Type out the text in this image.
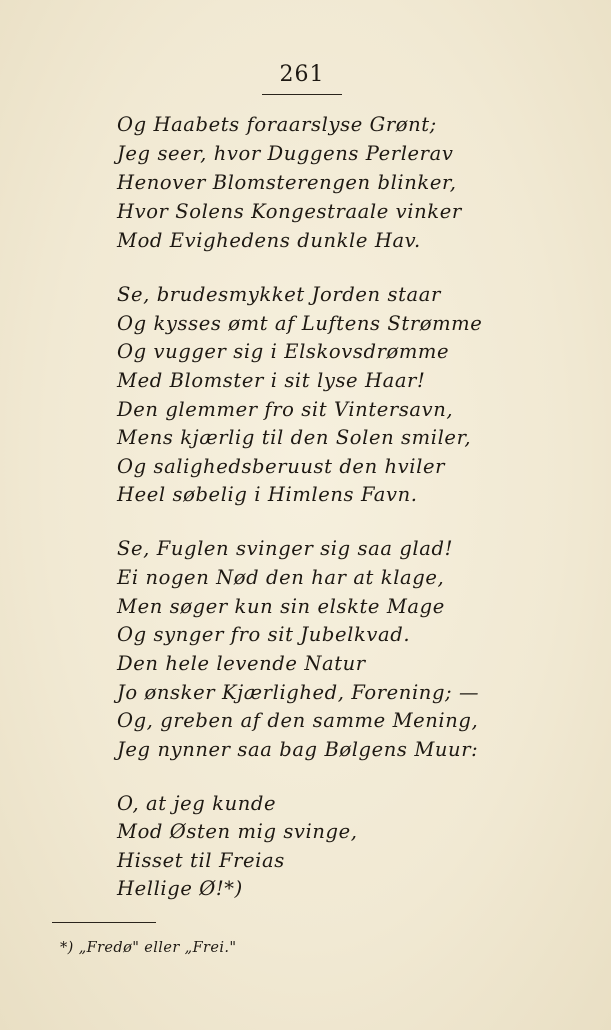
261
Og Haabets foraarslyse Grønt;
Jeg seer, hvor Duggens Perlerav
Henover Blomsterengen blinker,
Hvor Solens Kongestraale vinker
Mod Evighedens dunkle Hav.
Se, brudesmykket Jorden staar
Og kysses ømt af Luftens Strømme
Og vugger sig i Elskovsdrømme
Med Blomster i sit lyse Haar!
Den glemmer fro sit Vintersavn,
Mens kjærlig til den Solen smiler,
Og salighedsberuust den hviler
Heel søbelig i Himlens Favn.
Se, Fuglen svinger sig saa glad!
Ei nogen Nød den har at klage,
Men søger kun sin elskte Mage
Og synger fro sit Jubelkvad.
Den hele levende Natur
Jo ønsker Kjærlighed, Forening; —
Og, greben af den samme Mening,
Jeg nynner saa bag Bølgens Muur:
O, at jeg kunde
Mod Østen mig svinge,
Hisset til Freias
Hellige Ø!*)
*) „Fredø" eller „Frei."
